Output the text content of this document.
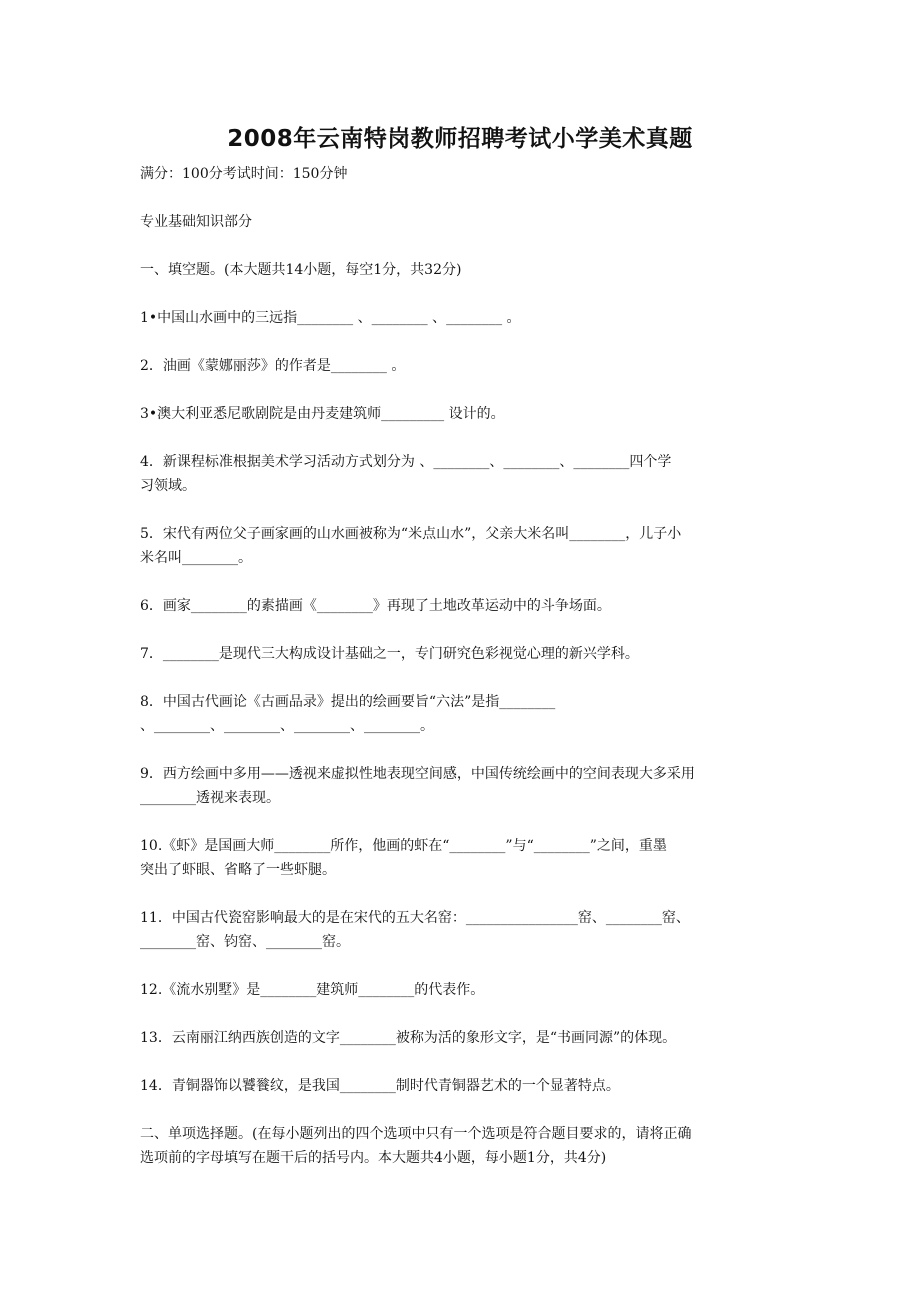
2008年云南特岗教师招聘考试小学美术真题

满分：100分考试时间：150分钟

专业基础知识部分

一、填空题。(本大题共14小题，每空1分，共32分)

1•中国山水画中的三远指________ 、________ 、________ 。

2．油画《蒙娜丽莎》的作者是________ 。

3•澳大利亚悉尼歌剧院是由丹麦建筑师_________ 设计的。

4．新课程标准根据美术学习活动方式划分为 、________、________、________四个学
习领域。
5．宋代有两位父子画家画的山水画被称为“米点山水”，父亲大米名叫________，儿子小
米名叫________。

6．画家________的素描画《________》再现了土地改革运动中的斗争场面。

7．________是现代三大构成设计基础之一，专门研究色彩视觉心理的新兴学科。

8．中国古代画论《古画品录》提出的绘画要旨“六法”是指________
、________、________、________、________。
9．西方绘画中多用——透视来虚拟性地表现空间感，中国传统绘画中的空间表现大多采用
________透视来表现。
10.《虾》是国画大师________所作，他画的虾在“________”与“________”之间，重墨
突出了虾眼、省略了一些虾腿。
11．中国古代瓷窑影响最大的是在宋代的五大名窑：________________窑、________窑、
________窑、钧窑、________窑。

12.《流水别墅》是________建筑师________的代表作。

13．云南丽江纳西族创造的文字________被称为活的象形文字，是“书画同源”的体现。

14．青铜器饰以饕餮纹，是我国________制时代青铜器艺术的一个显著特点。

二、单项选择题。(在每小题列出的四个选项中只有一个选项是符合题目要求的，请将正确
选项前的字母填写在题干后的括号内。本大题共4小题，每小题1分，共4分)
